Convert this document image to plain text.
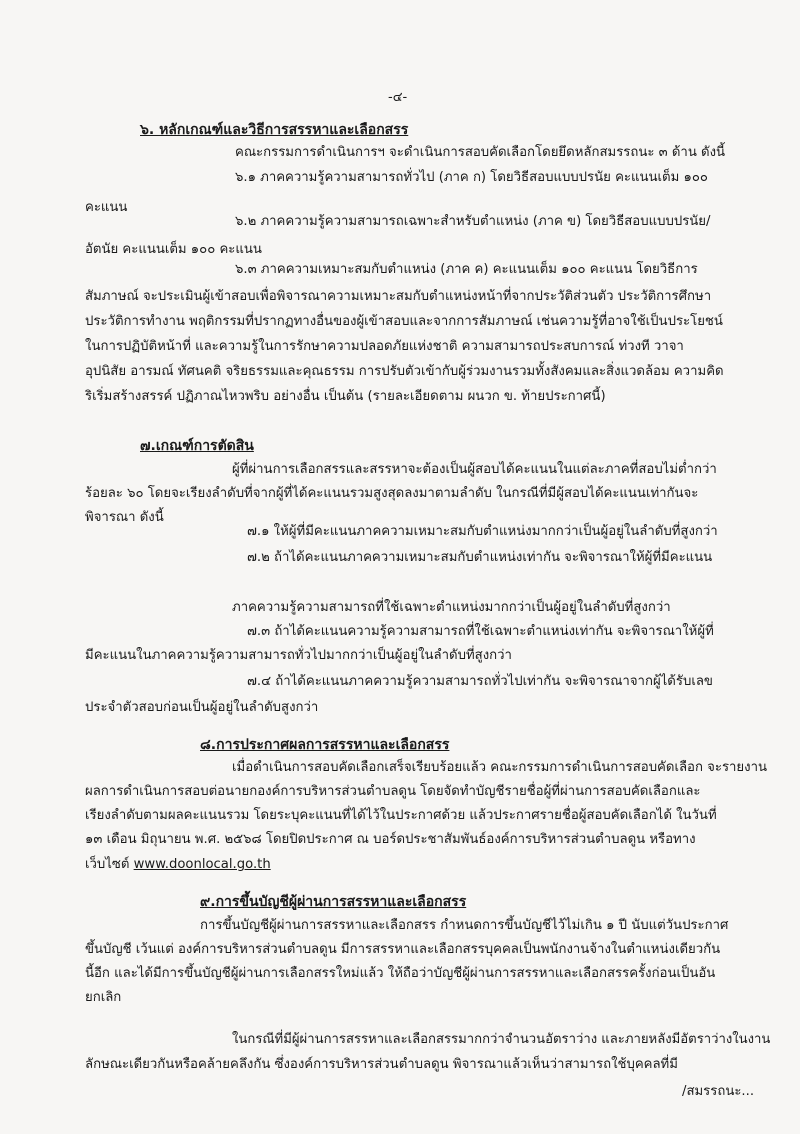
-๔-
๖. หลักเกณฑ์และวิธีการสรรหาและเลือกสรร
คณะกรรมการดำเนินการฯ จะดำเนินการสอบคัดเลือกโดยยึดหลักสมรรถนะ ๓ ด้าน ดังนี้
๖.๑ ภาคความรู้ความสามารถทั่วไป (ภาค ก) โดยวิธีสอบแบบปรนัย คะแนนเต็ม ๑๐๐
คะแนน
๖.๒ ภาคความรู้ความสามารถเฉพาะสำหรับตำแหน่ง (ภาค ข) โดยวิธีสอบแบบปรนัย/
อัตนัย คะแนนเต็ม ๑๐๐ คะแนน
๖.๓ ภาคความเหมาะสมกับตำแหน่ง (ภาค ค) คะแนนเต็ม ๑๐๐ คะแนน โดยวิธีการ
สัมภาษณ์ จะประเมินผู้เข้าสอบเพื่อพิจารณาความเหมาะสมกับตำแหน่งหน้าที่จากประวัติส่วนตัว ประวัติการศึกษา
ประวัติการทำงาน พฤติกรรมที่ปรากฏทางอื่นของผู้เข้าสอบและจากการสัมภาษณ์ เช่นความรู้ที่อาจใช้เป็นประโยชน์
ในการปฏิบัติหน้าที่ และความรู้ในการรักษาความปลอดภัยแห่งชาติ ความสามารถประสบการณ์ ท่วงที วาจา
อุปนิสัย อารมณ์ ทัศนคติ จริยธรรมและคุณธรรม การปรับตัวเข้ากับผู้ร่วมงานรวมทั้งสังคมและสิ่งแวดล้อม ความคิด
ริเริ่มสร้างสรรค์ ปฏิภาณไหวพริบ อย่างอื่น เป็นต้น (รายละเอียดตาม ผนวก ข. ท้ายประกาศนี้)
๗.เกณฑ์การตัดสิน
ผู้ที่ผ่านการเลือกสรรและสรรหาจะต้องเป็นผู้สอบได้คะแนนในแต่ละภาคที่สอบไม่ต่ำกว่า
ร้อยละ ๖๐ โดยจะเรียงลำดับที่จากผู้ที่ได้คะแนนรวมสูงสุดลงมาตามลำดับ ในกรณีที่มีผู้สอบได้คะแนนเท่ากันจะ
พิจารณา ดังนี้
๗.๑ ให้ผู้ที่มีคะแนนภาคความเหมาะสมกับตำแหน่งมากกว่าเป็นผู้อยู่ในลำดับที่สูงกว่า
๗.๒ ถ้าได้คะแนนภาคความเหมาะสมกับตำแหน่งเท่ากัน จะพิจารณาให้ผู้ที่มีคะแนน
ภาคความรู้ความสามารถที่ใช้เฉพาะตำแหน่งมากกว่าเป็นผู้อยู่ในลำดับที่สูงกว่า
๗.๓ ถ้าได้คะแนนความรู้ความสามารถที่ใช้เฉพาะตำแหน่งเท่ากัน จะพิจารณาให้ผู้ที่
มีคะแนนในภาคความรู้ความสามารถทั่วไปมากกว่าเป็นผู้อยู่ในลำดับที่สูงกว่า
๗.๔ ถ้าได้คะแนนภาคความรู้ความสามารถทั่วไปเท่ากัน จะพิจารณาจากผู้ได้รับเลข
ประจำตัวสอบก่อนเป็นผู้อยู่ในลำดับสูงกว่า
๘.การประกาศผลการสรรหาและเลือกสรร
เมื่อดำเนินการสอบคัดเลือกเสร็จเรียบร้อยแล้ว คณะกรรมการดำเนินการสอบคัดเลือก จะรายงาน
ผลการดำเนินการสอบต่อนายกองค์การบริหารส่วนตำบลดูน โดยจัดทำบัญชีรายชื่อผู้ที่ผ่านการสอบคัดเลือกและ
เรียงลำดับตามผลคะแนนรวม โดยระบุคะแนนที่ได้ไว้ในประกาศด้วย แล้วประกาศรายชื่อผู้สอบคัดเลือกได้ ในวันที่
๑๓ เดือน มิถุนายน พ.ศ. ๒๕๖๘ โดยปิดประกาศ ณ บอร์ดประชาสัมพันธ์องค์การบริหารส่วนตำบลดูน หรือทาง
เว็บไซต์ www.doonlocal.go.th
๙.การขึ้นบัญชีผู้ผ่านการสรรหาและเลือกสรร
การขึ้นบัญชีผู้ผ่านการสรรหาและเลือกสรร กำหนดการขึ้นบัญชีไว้ไม่เกิน ๑ ปี นับแต่วันประกาศ
ขึ้นบัญชี เว้นแต่ องค์การบริหารส่วนตำบลดูน มีการสรรหาและเลือกสรรบุคคลเป็นพนักงานจ้างในตำแหน่งเดียวกัน
นี้อีก และได้มีการขึ้นบัญชีผู้ผ่านการเลือกสรรใหม่แล้ว ให้ถือว่าบัญชีผู้ผ่านการสรรหาและเลือกสรรครั้งก่อนเป็นอัน
ยกเลิก
ในกรณีที่มีผู้ผ่านการสรรหาและเลือกสรรมากกว่าจำนวนอัตราว่าง และภายหลังมีอัตราว่างในงาน
ลักษณะเดียวกันหรือคล้ายคลึงกัน ซึ่งองค์การบริหารส่วนตำบลดูน พิจารณาแล้วเห็นว่าสามารถใช้บุคคลที่มี
/สมรรถนะ...
